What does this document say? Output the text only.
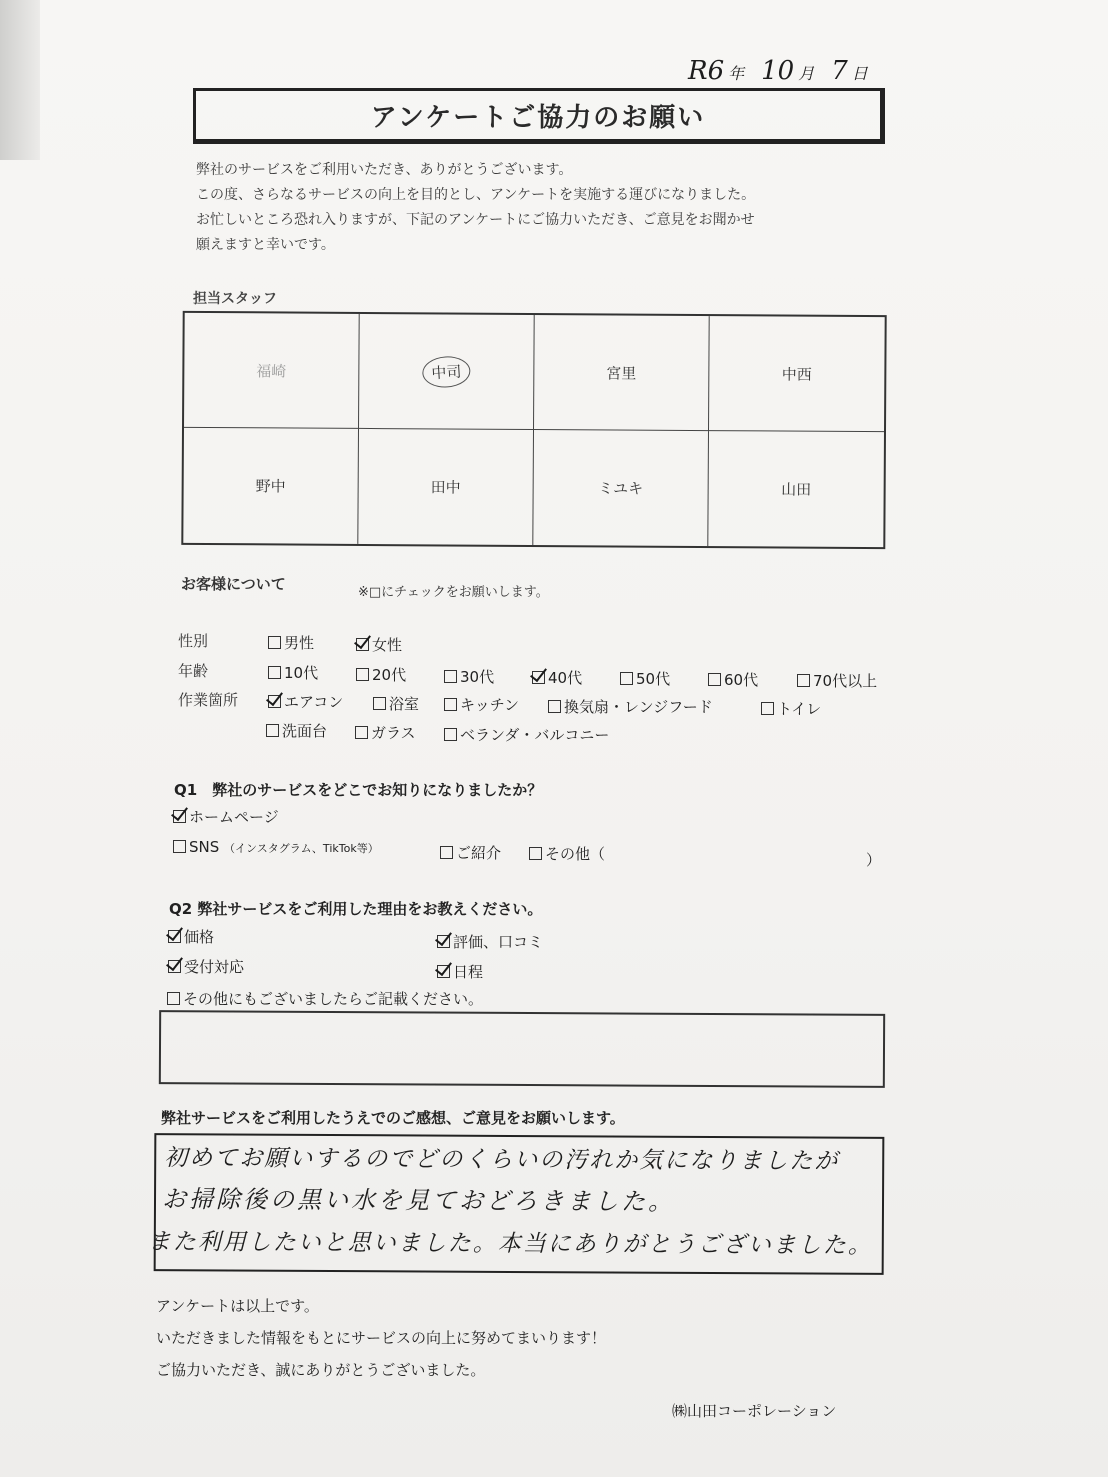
R6 年 10 月 7 日
アンケートご協力のお願い
弊社のサービスをご利用いただき、ありがとうございます。
この度、さらなるサービスの向上を目的とし、アンケートを実施する運びになりました。
お忙しいところ恐れ入りますが、下記のアンケートにご協力いただき、ご意見をお聞かせ
願えますと幸いです。
担当スタッフ
福崎	中司	宮里	中西
野中	田中	ミユキ	山田
お客様について	※□にチェックをお願いします。
性別	男性	女性
年齢	10代	20代	30代	40代	50代	60代	70代以上
作業箇所	エアコン	浴室	キッチン	換気扇・レンジフード	トイレ
洗面台	ガラス	ベランダ・バルコニー
Q1　弊社のサービスをどこでお知りになりましたか？
ホームページ
SNS （インスタグラム、TikTok等）	ご紹介	その他（	）
Q2 弊社サービスをご利用した理由をお教えください。
価格	評価、口コミ
受付対応	日程
その他にもございましたらご記載ください。
弊社サービスをご利用したうえでのご感想、ご意見をお願いします。
初めてお願いするのでどのくらいの汚れか気になりましたが
お掃除後の黒い水を見ておどろきました。
また利用したいと思いました。本当にありがとうございました。
アンケートは以上です。
いただきました情報をもとにサービスの向上に努めてまいります！
ご協力いただき、誠にありがとうございました。
㈱山田コーポレーション
